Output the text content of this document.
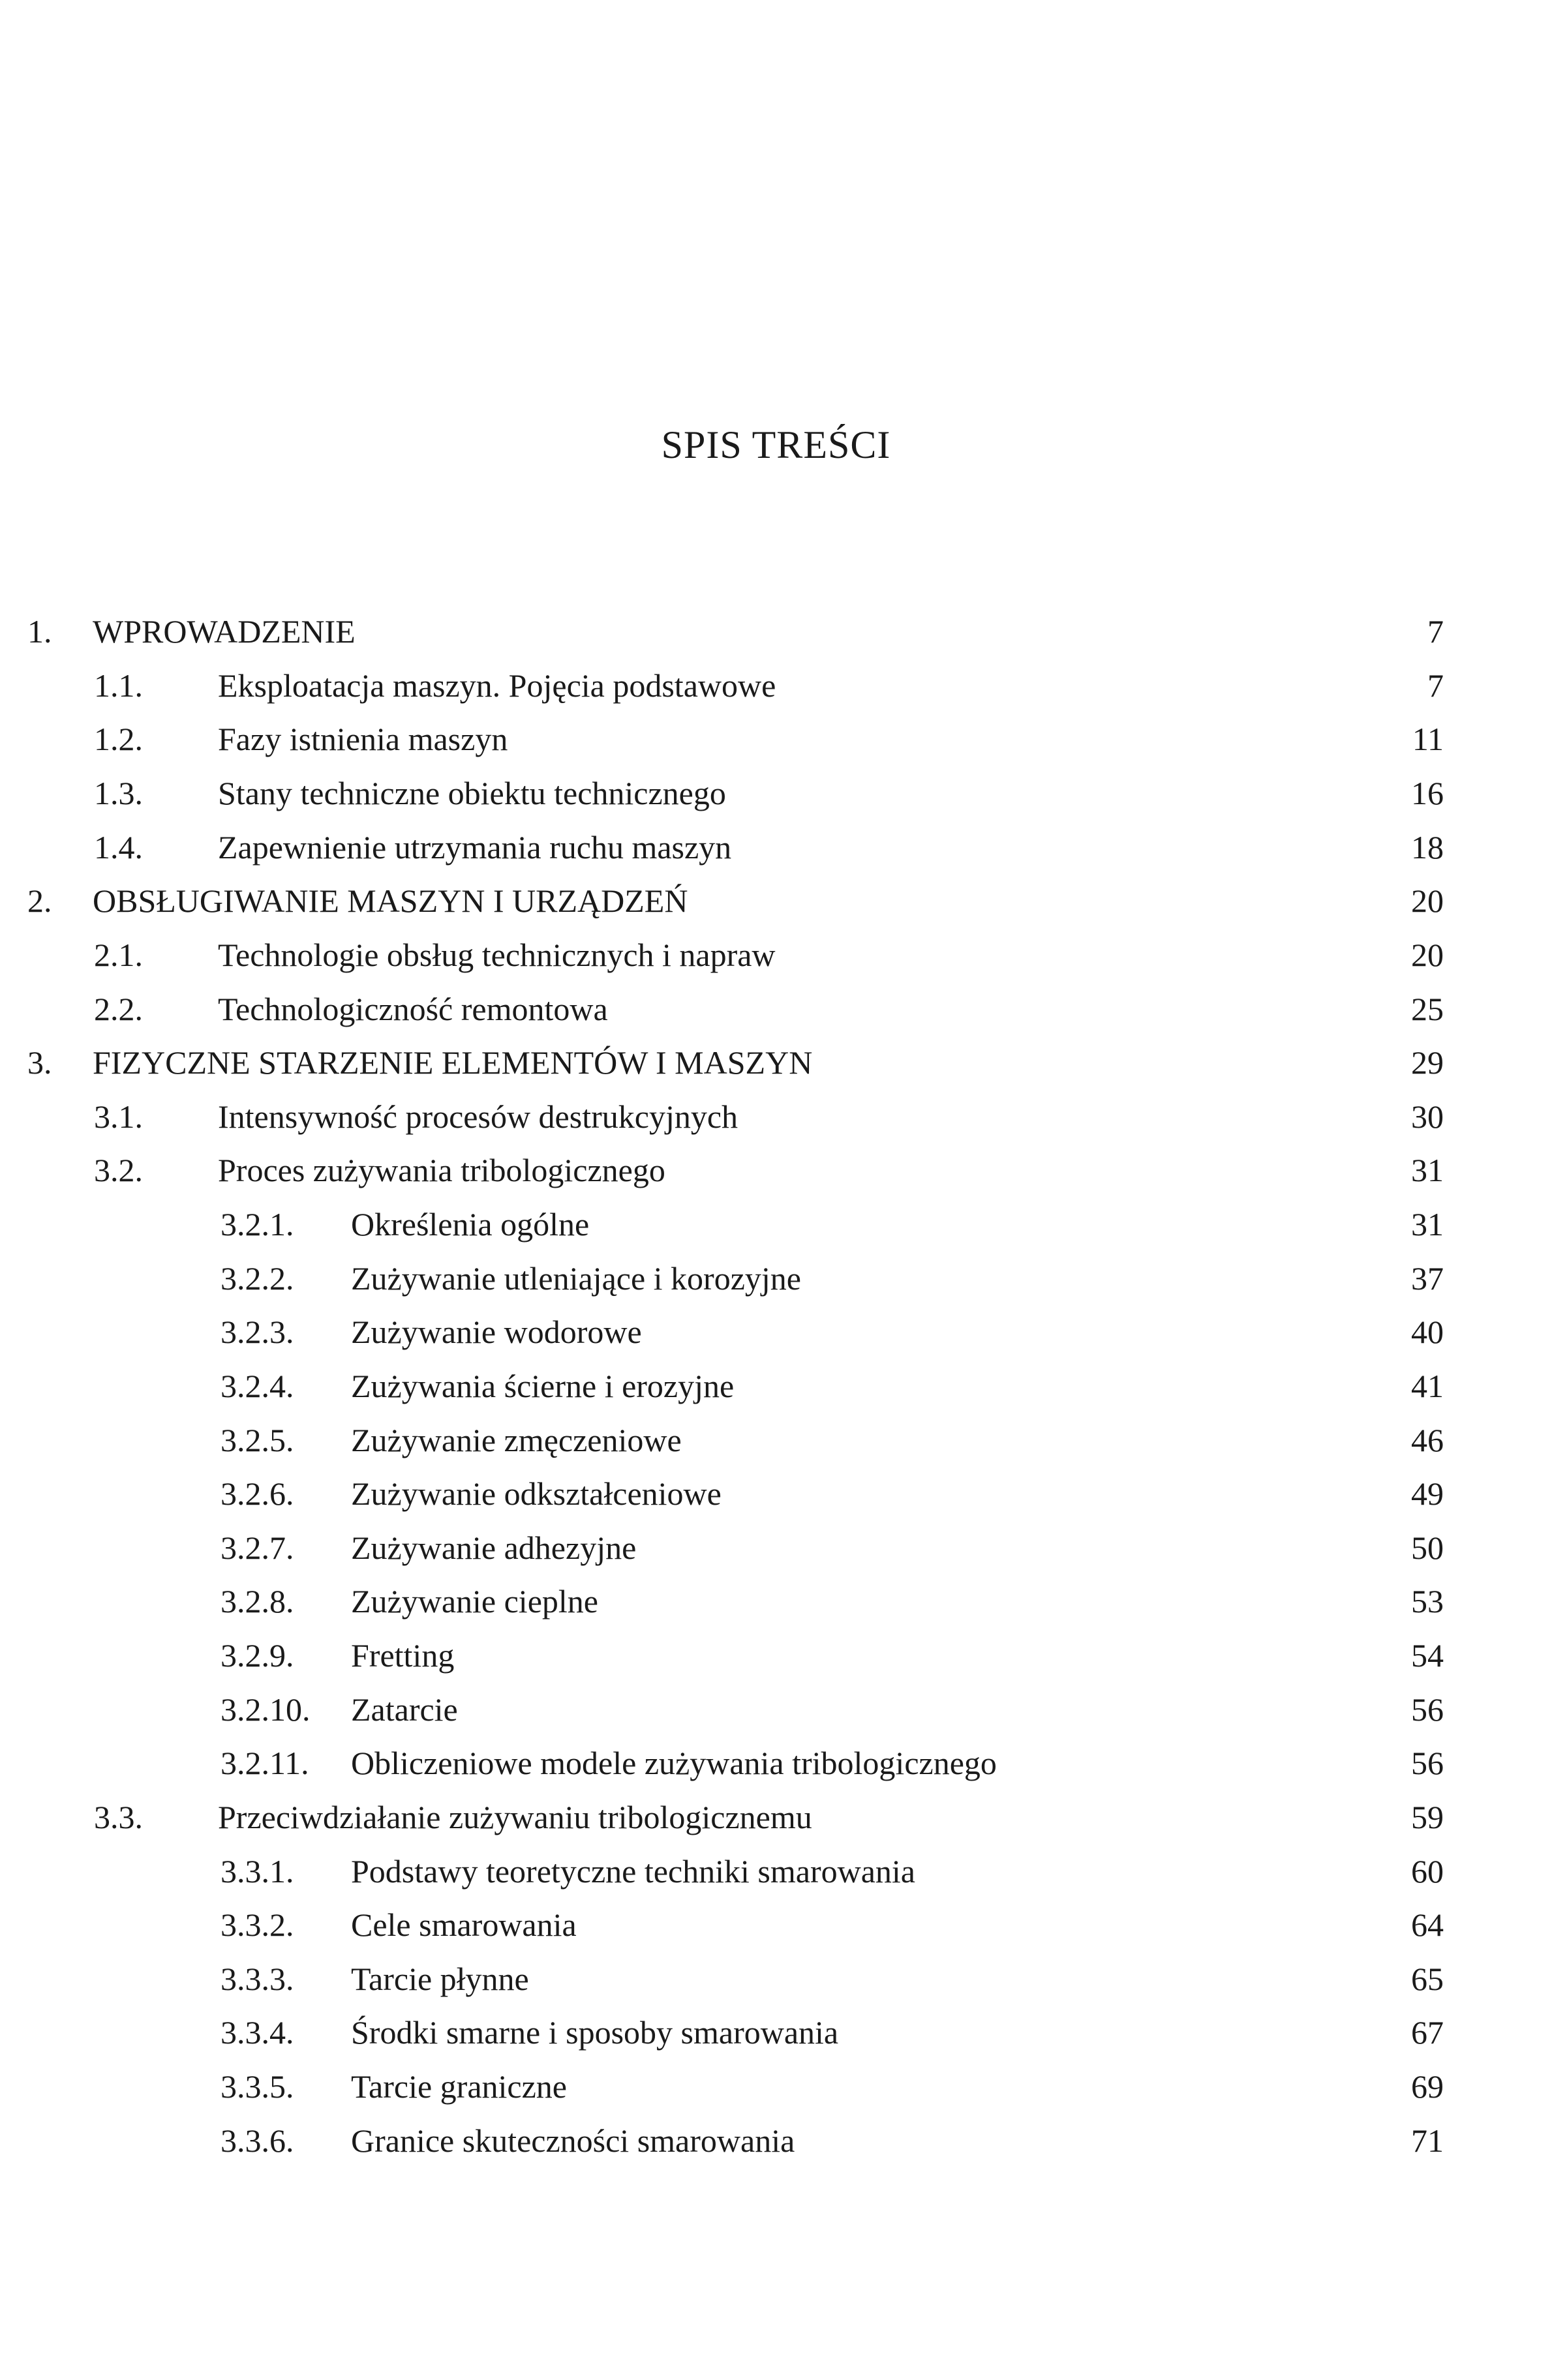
SPIS TREŚCI
1.	WPROWADZENIE	7
1.1.	Eksploatacja maszyn. Pojęcia podstawowe	7
1.2.	Fazy istnienia maszyn	11
1.3.	Stany techniczne obiektu technicznego	16
1.4.	Zapewnienie utrzymania ruchu maszyn	18
2.	OBSŁUGIWANIE MASZYN I URZĄDZEŃ	20
2.1.	Technologie obsług technicznych i napraw	20
2.2.	Technologiczność remontowa	25
3.	FIZYCZNE STARZENIE ELEMENTÓW I MASZYN	29
3.1.	Intensywność procesów destrukcyjnych	30
3.2.	Proces zużywania tribologicznego	31
3.2.1.	Określenia ogólne	31
3.2.2.	Zużywanie utleniające i korozyjne	37
3.2.3.	Zużywanie wodorowe	40
3.2.4.	Zużywania ścierne i erozyjne	41
3.2.5.	Zużywanie zmęczeniowe	46
3.2.6.	Zużywanie odkształceniowe	49
3.2.7.	Zużywanie adhezyjne	50
3.2.8.	Zużywanie cieplne	53
3.2.9.	Fretting	54
3.2.10.	Zatarcie	56
3.2.11.	Obliczeniowe modele zużywania tribologicznego	56
3.3.	Przeciwdziałanie zużywaniu tribologicznemu	59
3.3.1.	Podstawy teoretyczne techniki smarowania	60
3.3.2.	Cele smarowania	64
3.3.3.	Tarcie płynne	65
3.3.4.	Środki smarne i sposoby smarowania	67
3.3.5.	Tarcie graniczne	69
3.3.6.	Granice skuteczności smarowania	71
